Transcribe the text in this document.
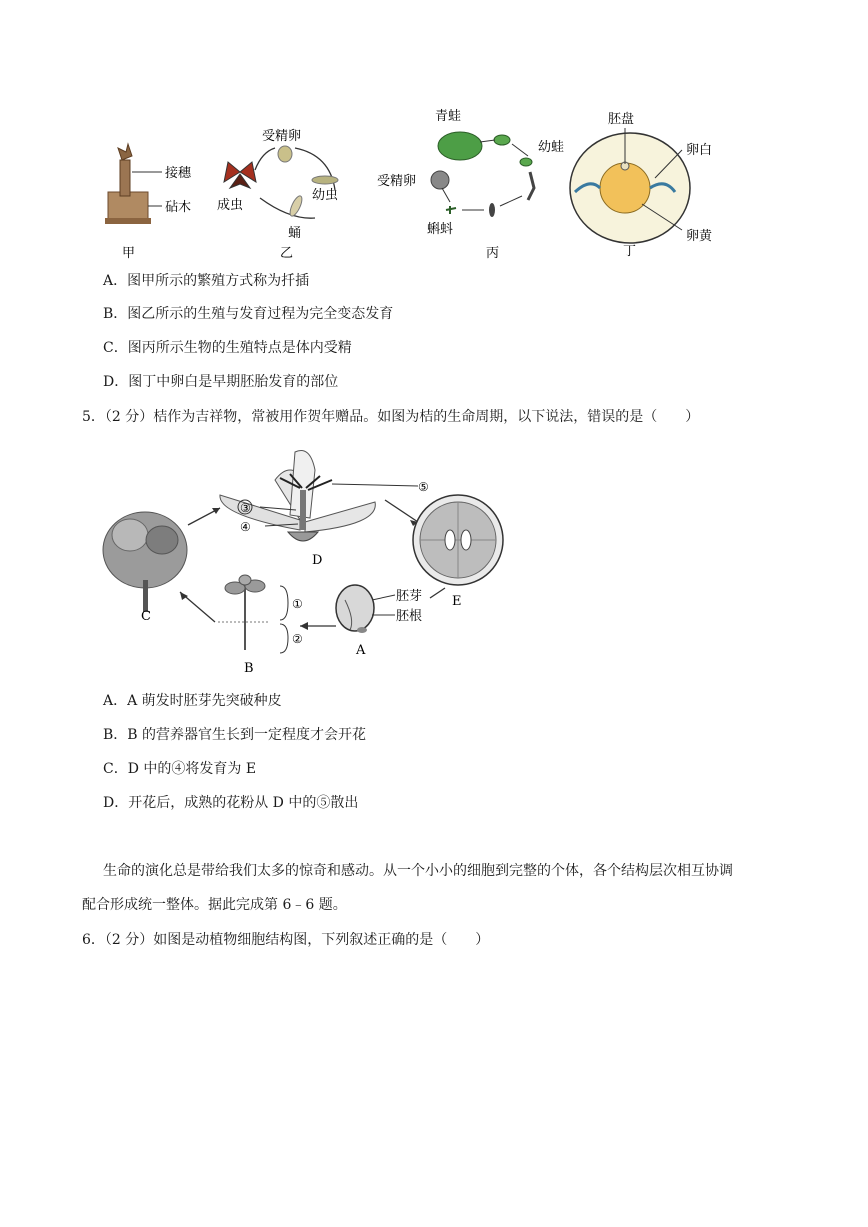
接穗
砧木
甲
受精卵
幼虫
蛹
成虫
乙
青蛙
幼蛙
受精卵
蝌蚪
丙
胚盘
卵白
卵黄
丁
A．图甲所示的繁殖方式称为扦插
B．图乙所示的生殖与发育过程为完全变态发育
C．图丙所示生物的生殖特点是体内受精
D．图丁中卵白是早期胚胎发育的部位
5．（2 分）桔作为吉祥物，常被用作贺年赠品。如图为桔的生命周期，以下说法，错误的是（　　）
C
③
④
⑤
D
E
胚芽
胚根
A
①
②
B
A．A 萌发时胚芽先突破种皮
B．B 的营养器官生长到一定程度才会开花
C．D 中的④将发育为 E
D．开花后，成熟的花粉从 D 中的⑤散出
生命的演化总是带给我们太多的惊奇和感动。从一个小小的细胞到完整的个体，各个结构层次相互协调
配合形成统一整体。据此完成第 6﹣6 题。
6．（2 分）如图是动植物细胞结构图，下列叙述正确的是（　　）
